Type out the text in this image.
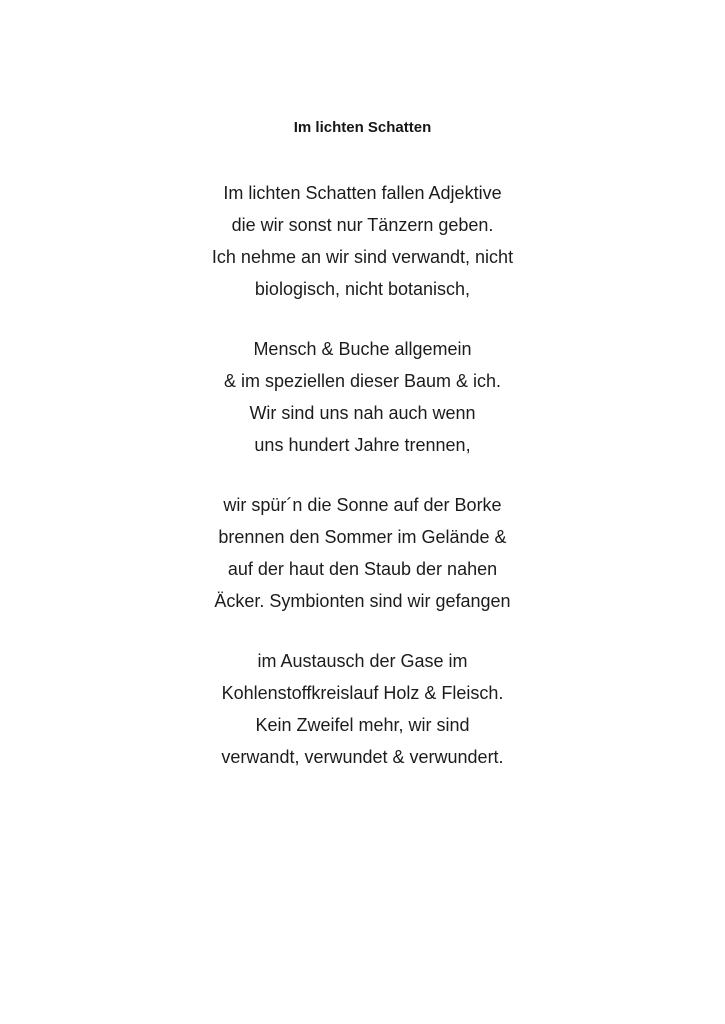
Im lichten Schatten
Im lichten Schatten fallen Adjektive
die wir sonst nur Tänzern geben.
Ich nehme an wir sind verwandt, nicht
biologisch, nicht botanisch,
Mensch & Buche allgemein
& im speziellen dieser Baum & ich.
Wir sind uns nah auch wenn
uns hundert Jahre trennen,
wir spür´n die Sonne auf der Borke
brennen den Sommer im Gelände &
auf der haut den Staub der nahen
Äcker. Symbionten sind wir gefangen
im Austausch der Gase im
Kohlenstoffkreislauf Holz & Fleisch.
Kein Zweifel mehr, wir sind
verwandt, verwundet & verwundert.
